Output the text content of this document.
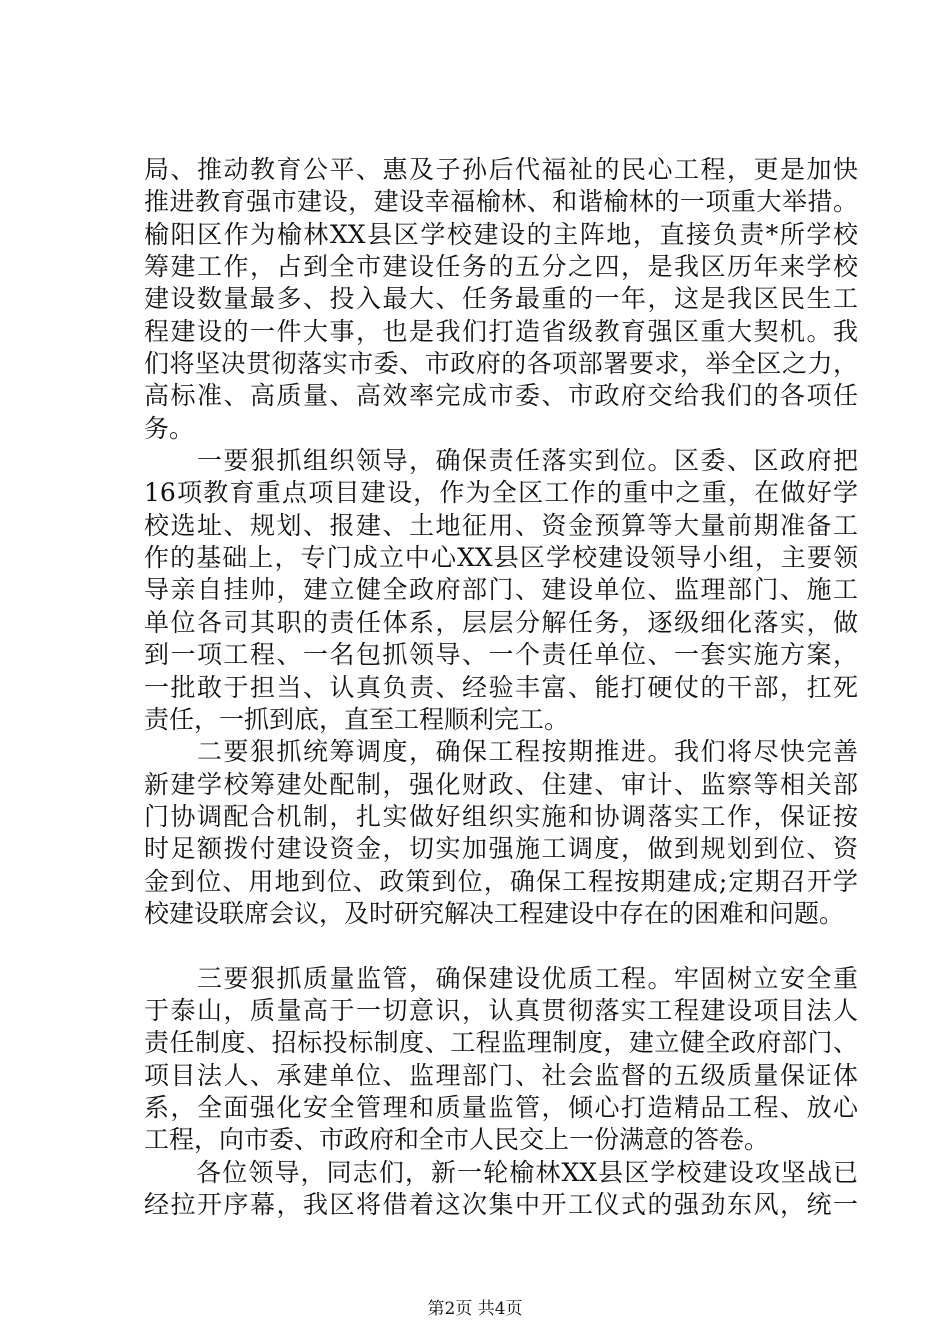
局、推动教育公平、惠及子孙后代福祉的民心工程，更是加快
推进教育强市建设，建设幸福榆林、和谐榆林的一项重大举措。
榆阳区作为榆林XX县区学校建设的主阵地，直接负责*所学校
筹建工作，占到全市建设任务的五分之四，是我区历年来学校
建设数量最多、投入最大、任务最重的一年，这是我区民生工
程建设的一件大事，也是我们打造省级教育强区重大契机。我
们将坚决贯彻落实市委、市政府的各项部署要求，举全区之力，
高标准、高质量、高效率完成市委、市政府交给我们的各项任
务。
　　一要狠抓组织领导，确保责任落实到位。区委、区政府把
16项教育重点项目建设，作为全区工作的重中之重，在做好学
校选址、规划、报建、土地征用、资金预算等大量前期准备工
作的基础上，专门成立中心XX县区学校建设领导小组，主要领
导亲自挂帅，建立健全政府部门、建设单位、监理部门、施工
单位各司其职的责任体系，层层分解任务，逐级细化落实，做
到一项工程、一名包抓领导、一个责任单位、一套实施方案，
一批敢于担当、认真负责、经验丰富、能打硬仗的干部，扛死
责任，一抓到底，直至工程顺利完工。
　　二要狠抓统筹调度，确保工程按期推进。我们将尽快完善
新建学校筹建处配制，强化财政、住建、审计、监察等相关部
门协调配合机制，扎实做好组织实施和协调落实工作，保证按
时足额拨付建设资金，切实加强施工调度，做到规划到位、资
金到位、用地到位、政策到位，确保工程按期建成;定期召开学
校建设联席会议，及时研究解决工程建设中存在的困难和问题。
　　三要狠抓质量监管，确保建设优质工程。牢固树立安全重
于泰山，质量高于一切意识，认真贯彻落实工程建设项目法人
责任制度、招标投标制度、工程监理制度，建立健全政府部门、
项目法人、承建单位、监理部门、社会监督的五级质量保证体
系，全面强化安全管理和质量监管，倾心打造精品工程、放心
工程，向市委、市政府和全市人民交上一份满意的答卷。
　　各位领导，同志们，新一轮榆林XX县区学校建设攻坚战已
经拉开序幕，我区将借着这次集中开工仪式的强劲东风，统一
第2页 共4页
